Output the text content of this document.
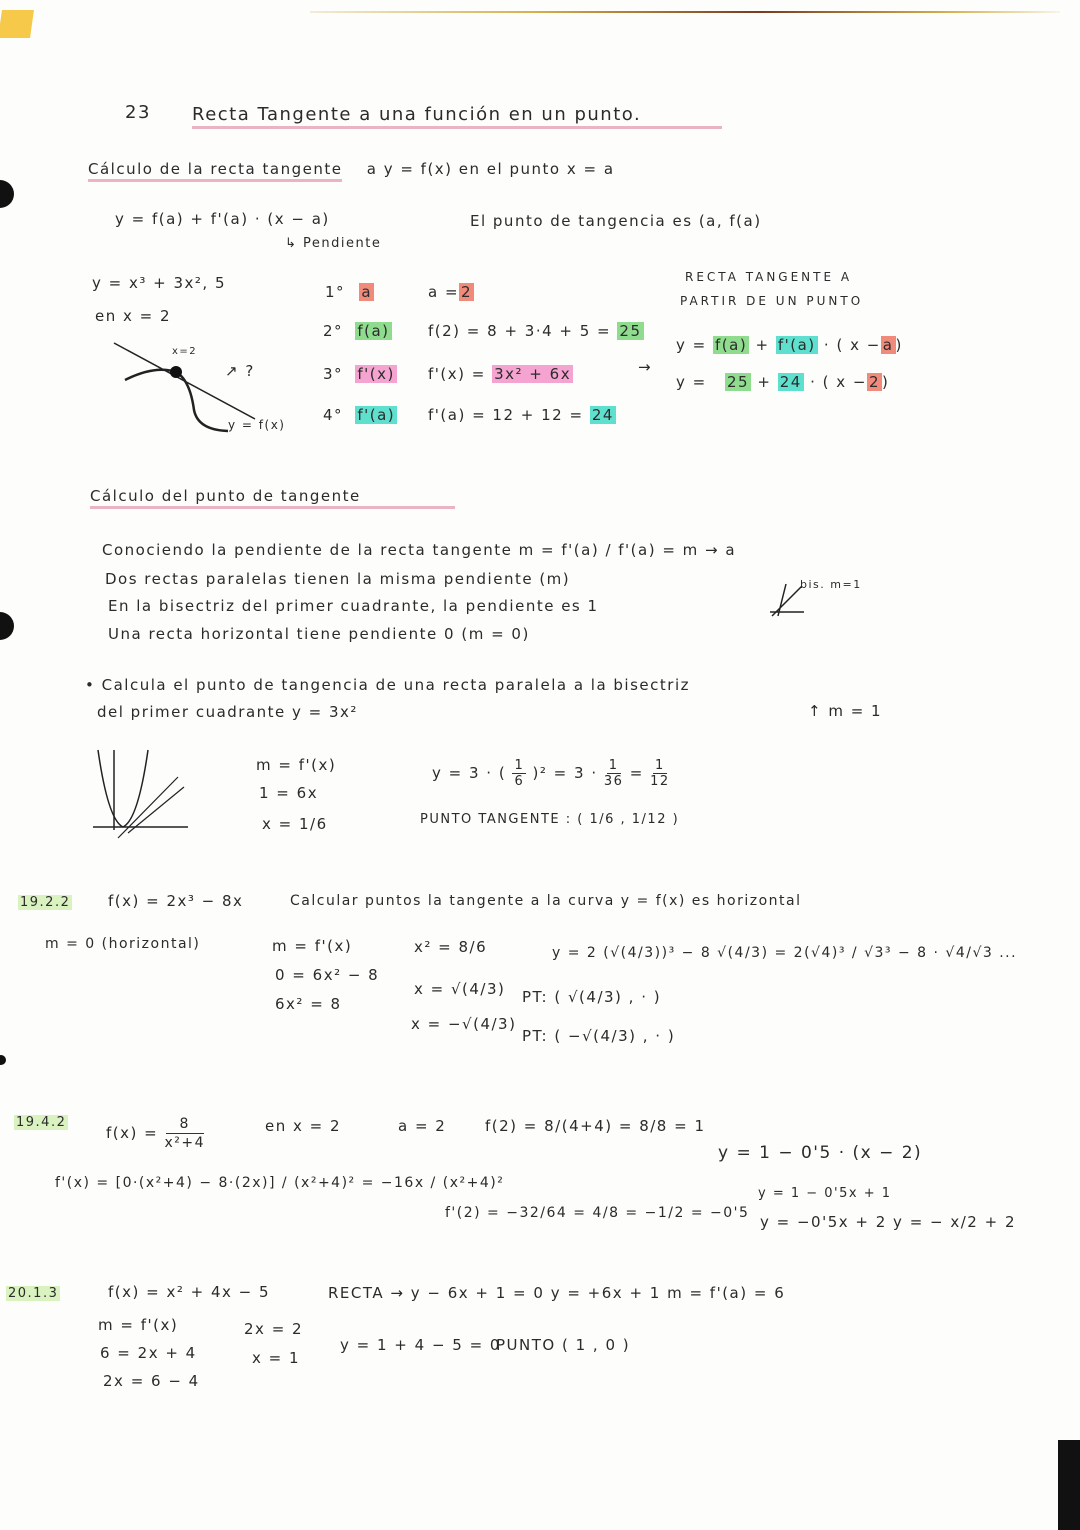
23 Recta Tangente a una función en un punto.
Cálculo de la recta tangente a y = f(x) en el punto x = a
y = f(a) + f'(a) · (x − a)	El punto de tangencia es (a, f(a)
↳ Pendiente
y = x³ + 3x², 5
en x = 2
x=2
↗ ?
y = f(x)
1° a	a = 2
2° f(a)	f(2) = 8 + 3·4 + 5 = 25
3° f'(x) f'(x) = 3x² + 6x
4° f'(a) f'(a) = 12 + 12 = 24
RECTA TANGENTE A
PARTIR DE UN PUNTO
→
y = f(a) + f'(a) · ( x − a )
y = 25 + 24 · ( x − 2 )
Cálculo del punto de tangente
Conociendo la pendiente de la recta tangente m = f'(a) / f'(a) = m → a
Dos rectas paralelas tienen la misma pendiente (m)
En la bisectriz del primer cuadrante, la pendiente es 1
Una recta horizontal tiene pendiente 0 (m = 0)
bis. m=1
• Calcula el punto de tangencia de una recta paralela a la bisectriz
del primer cuadrante y = 3x²	↑ m = 1
m = f'(x)
1 = 6x
x = 1/6
y = 3 · ( $\frac{1}{6} )^2 = 3 \cdot \frac{1}{36} = \frac{1}{12}$
PUNTO TANGENTE : ( 1/6 , 1/12 )
19.2.2	f(x) = 2x³ − 8x	Calcular puntos la tangente a la curva y = f(x) es horizontal
m = 0 (horizontal)	m = f'(x)
0 = 6x² − 8
6x² = 8
x² = 8/6
x = √(4/3)
x = −√(4/3)
PT: ( √(4/3) , · )
PT: ( −√(4/3) , · )
y = 2 (√(4/3))³ − 8 √(4/3) = 2(√4)³ / √3³ − 8 · √4/√3 ...
19.4.2
$f(x) = \frac{8}{\text{x²+4}}$	en x = 2	a = 2	f(2) = 8/(4+4) = 8/8 = 1
f'(x) = [0·(x²+4) − 8·(2x)] / (x²+4)² = −16x / (x²+4)²
f'(2) = −32/64 = 4/8 = −1/2 = −0'5
y = 1 − 0'5 · (x − 2)
y = 1 − 0'5x + 1
y = −0'5x + 2 y = − x/2 + 2
20.1.3	f(x) = x² + 4x − 5	RECTA → y − 6x + 1 = 0 y = +6x + 1 m = f'(a) = 6
m = f'(x)
6 = 2x + 4
2x = 6 − 4
2x = 2
x = 1
y = 1 + 4 − 5 = 0
PUNTO ( 1 , 0 )
